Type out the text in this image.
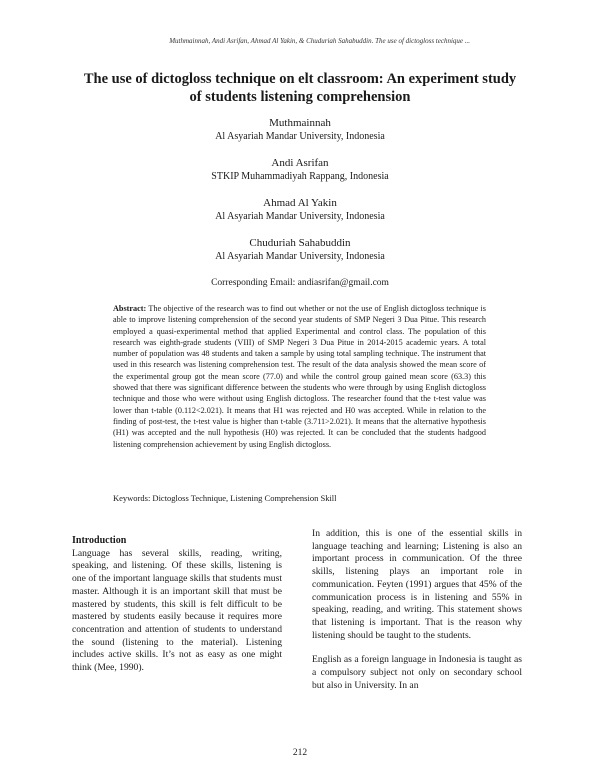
Muthmainnah, Andi Asrifan, Ahmad Al Yakin, & Chuduriah Sahabuddin. The use of dictogloss technique ...
The use of dictogloss technique on elt classroom: An experiment study of students listening comprehension
Muthmainnah
Al Asyariah Mandar University, Indonesia
Andi Asrifan
STKIP Muhammadiyah Rappang, Indonesia
Ahmad Al Yakin
Al Asyariah Mandar University, Indonesia
Chuduriah Sahabuddin
Al Asyariah Mandar University, Indonesia
Corresponding Email: andiasrifan@gmail.com

Abstract: The objective of the research was to find out whether or not the use of English dictogloss technique is able to improve listening comprehension of the second year students of SMP Negeri 3 Dua Pitue. This research employed a quasi-experimental method that applied Experimental and control class. The population of this research was eighth-grade students (VIII) of SMP Negeri 3 Dua Pitue in 2014-2015 academic years. A total number of population was 48 students and taken a sample by using total sampling technique. The instrument that used in this research was listening comprehension test. The result of the data analysis showed the mean score of the experimental group got the mean score (77.0) and while the control group gained mean score (63.3) this showed that there was significant difference between the students who were through by using English dictogloss technique and those who were without using English dictogloss. The researcher found that the t-test value was lower than t-table (0.112<2.021). It means that H1 was rejected and H0 was accepted. While in relation to the finding of post-test, the t-test value is higher than t-table (3.711>2.021). It means that the alternative hypothesis (H1) was accepted and the null hypothesis (H0) was rejected. It can be concluded that the students hadgood listening comprehension achievement by using English dictogloss.

Keywords: Dictogloss Technique, Listening Comprehension Skill

Introduction

Language has several skills, reading, writing, speaking, and listening. Of these skills, listening is one of the important language skills that students must master. Although it is an important skill that must be mastered by students, this skill is felt difficult to be mastered by students easily because it requires more concentration and attention of students to understand the sound (listening to the material). Listening includes active skills. It’s not as easy as one might think (Mee, 1990).

In addition, this is one of the essential skills in language teaching and learning; Listening is also an important process in communication. Of the three skills, listening plays an important role in communication. Feyten (1991) argues that 45% of the communication process is in listening and 55% in speaking, reading, and writing. This statement shows that listening is important. That is the reason why listening should be taught to the students.

English as a foreign language in Indonesia is taught as a compulsory subject not only on secondary school but also in University. In an

212
